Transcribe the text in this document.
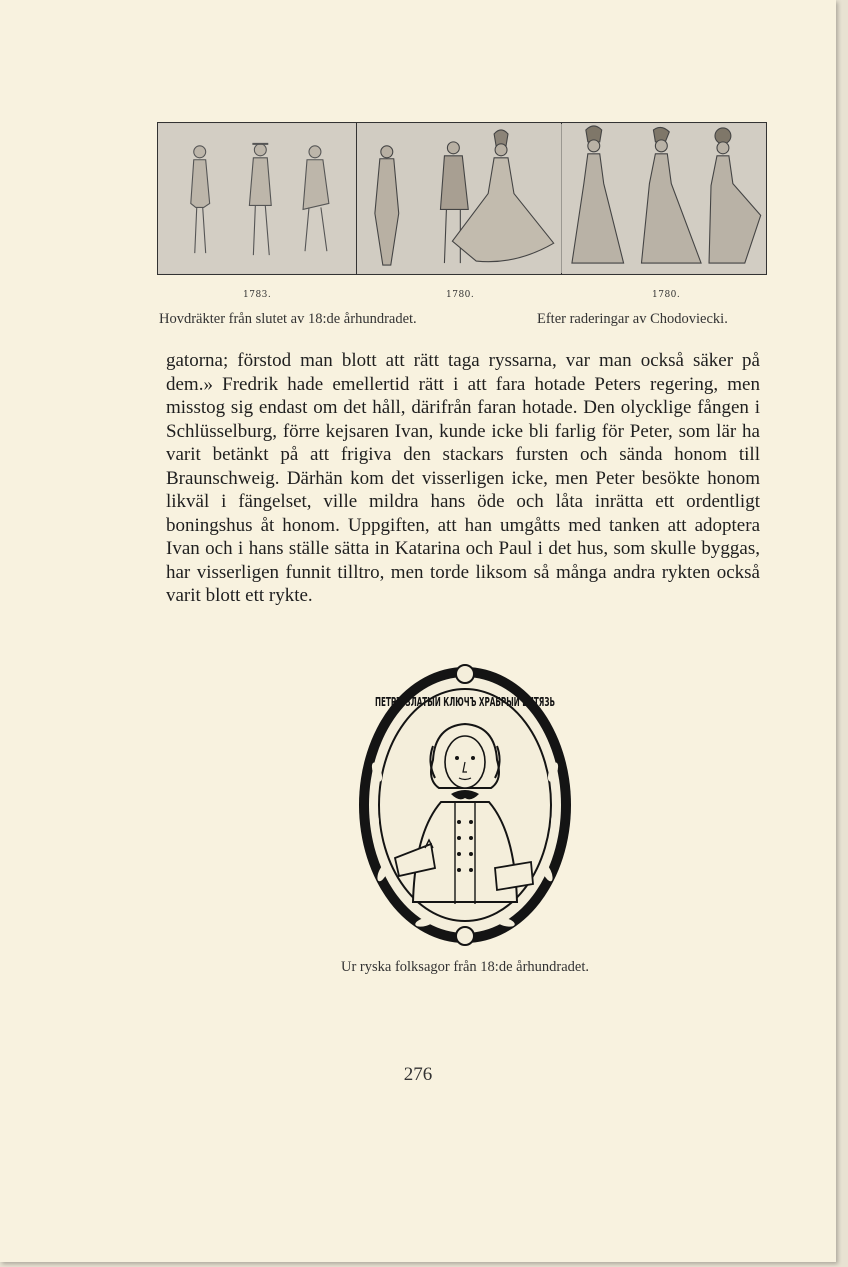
1783.	1780.	1780.
Hovdräkter från slutet av 18:de århundradet.	Efter raderingar av Chodoviecki.

gatorna; förstod man blott att rätt taga ryssarna, var man också säker på dem.» Fredrik hade emellertid rätt i att fara hotade Peters regering, men misstog sig endast om det håll, därifrån faran hotade. Den olycklige fången i Schlüsselburg, förre kejsaren Ivan, kunde icke bli farlig för Peter, som lär ha varit betänkt på att frigiva den stackars fursten och sända honom till Braunschweig. Därhän kom det visserligen icke, men Peter besökte honom likväl i fängelset, ville mildra hans öde och låta inrätta ett ordentligt boningshus åt honom. Uppgiften, att han umgåtts med tanken att adoptera Ivan och i hans ställe sätta in Katarina och Paul i det hus, som skulle byggas, har visserligen funnit tilltro, men torde liksom så många andra rykten också varit blott ett rykte.

ПЕТРЪ ЗЛАТЫЙ КЛЮЧЪ ХРАБРЫЙ ВИТЯЗЬ
Ur ryska folksagor från 18:de århundradet.
276
